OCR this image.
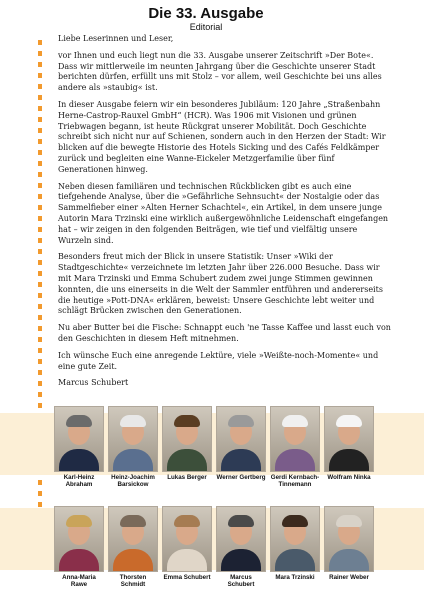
Die 33. Ausgabe
Editorial

Liebe Leserinnen und Leser,

vor Ihnen und euch liegt nun die 33. Ausgabe unserer Zeitschrift »Der Bote«. Dass wir mittlerweile im neunten Jahrgang über die Geschichte unserer Stadt berichten dürfen, erfüllt uns mit Stolz – vor allem, weil Geschichte bei uns alles andere als »staubig« ist.

In dieser Ausgabe feiern wir ein besonderes Jubiläum: 120 Jahre „Straßenbahn Herne-Castrop-Rauxel GmbH“ (HCR). Was 1906 mit Visionen und grünen Triebwagen begann, ist heute Rückgrat unserer Mobilität. Doch Geschichte schreibt sich nicht nur auf Schienen, sondern auch in den Herzen der Stadt: Wir blicken auf die bewegte Historie des Hotels Sicking und des Cafés Feldkämper zurück und begleiten eine Wanne-Eickeler Metzgerfamilie über fünf Generationen hinweg.

Neben diesen familiären und technischen Rückblicken gibt es auch eine tiefgehende Analyse, über die »Gefährliche Sehnsucht« der Nostalgie oder das Sammelfieber einer »Alten Herner Schachtel«, ein Artikel, in dem unsere junge Autorin Mara Trzinski eine wirklich außergewöhnliche Leidenschaft eingefangen hat – wir zeigen in den folgenden Beiträgen, wie tief und vielfältig unsere Wurzeln sind.

Besonders freut mich der Blick in unsere Statistik: Unser »Wiki der Stadtgeschichte« verzeichnete im letzten Jahr über 226.000 Besuche. Dass wir mit Mara Trzinski und Emma Schubert zudem zwei junge Stimmen gewinnen konnten, die uns einerseits in die Welt der Sammler entführen und andererseits die heutige »Pott-DNA« erklären, beweist: Unsere Geschichte lebt weiter und schlägt Brücken zwischen den Generationen.

Nu aber Butter bei die Fische: Schnappt euch 'ne Tasse Kaffee und lasst euch von den Geschichten in diesem Heft mitnehmen.

Ich wünsche Euch eine anregende Lektüre, viele »Weißte-noch-Momente« und eine gute Zeit.

Marcus Schubert

Karl-Heinz Abraham
Heinz-Joachim Barsickow
Lukas Berger	Werner Gertberg Gerdi Kernbach-Tinnemann
Wolfram Ninka
Anna-Maria Rawe
Thorsten Schmidt
Emma Schubert	Marcus Schubert
Mara Trzinski	Rainer Weber
